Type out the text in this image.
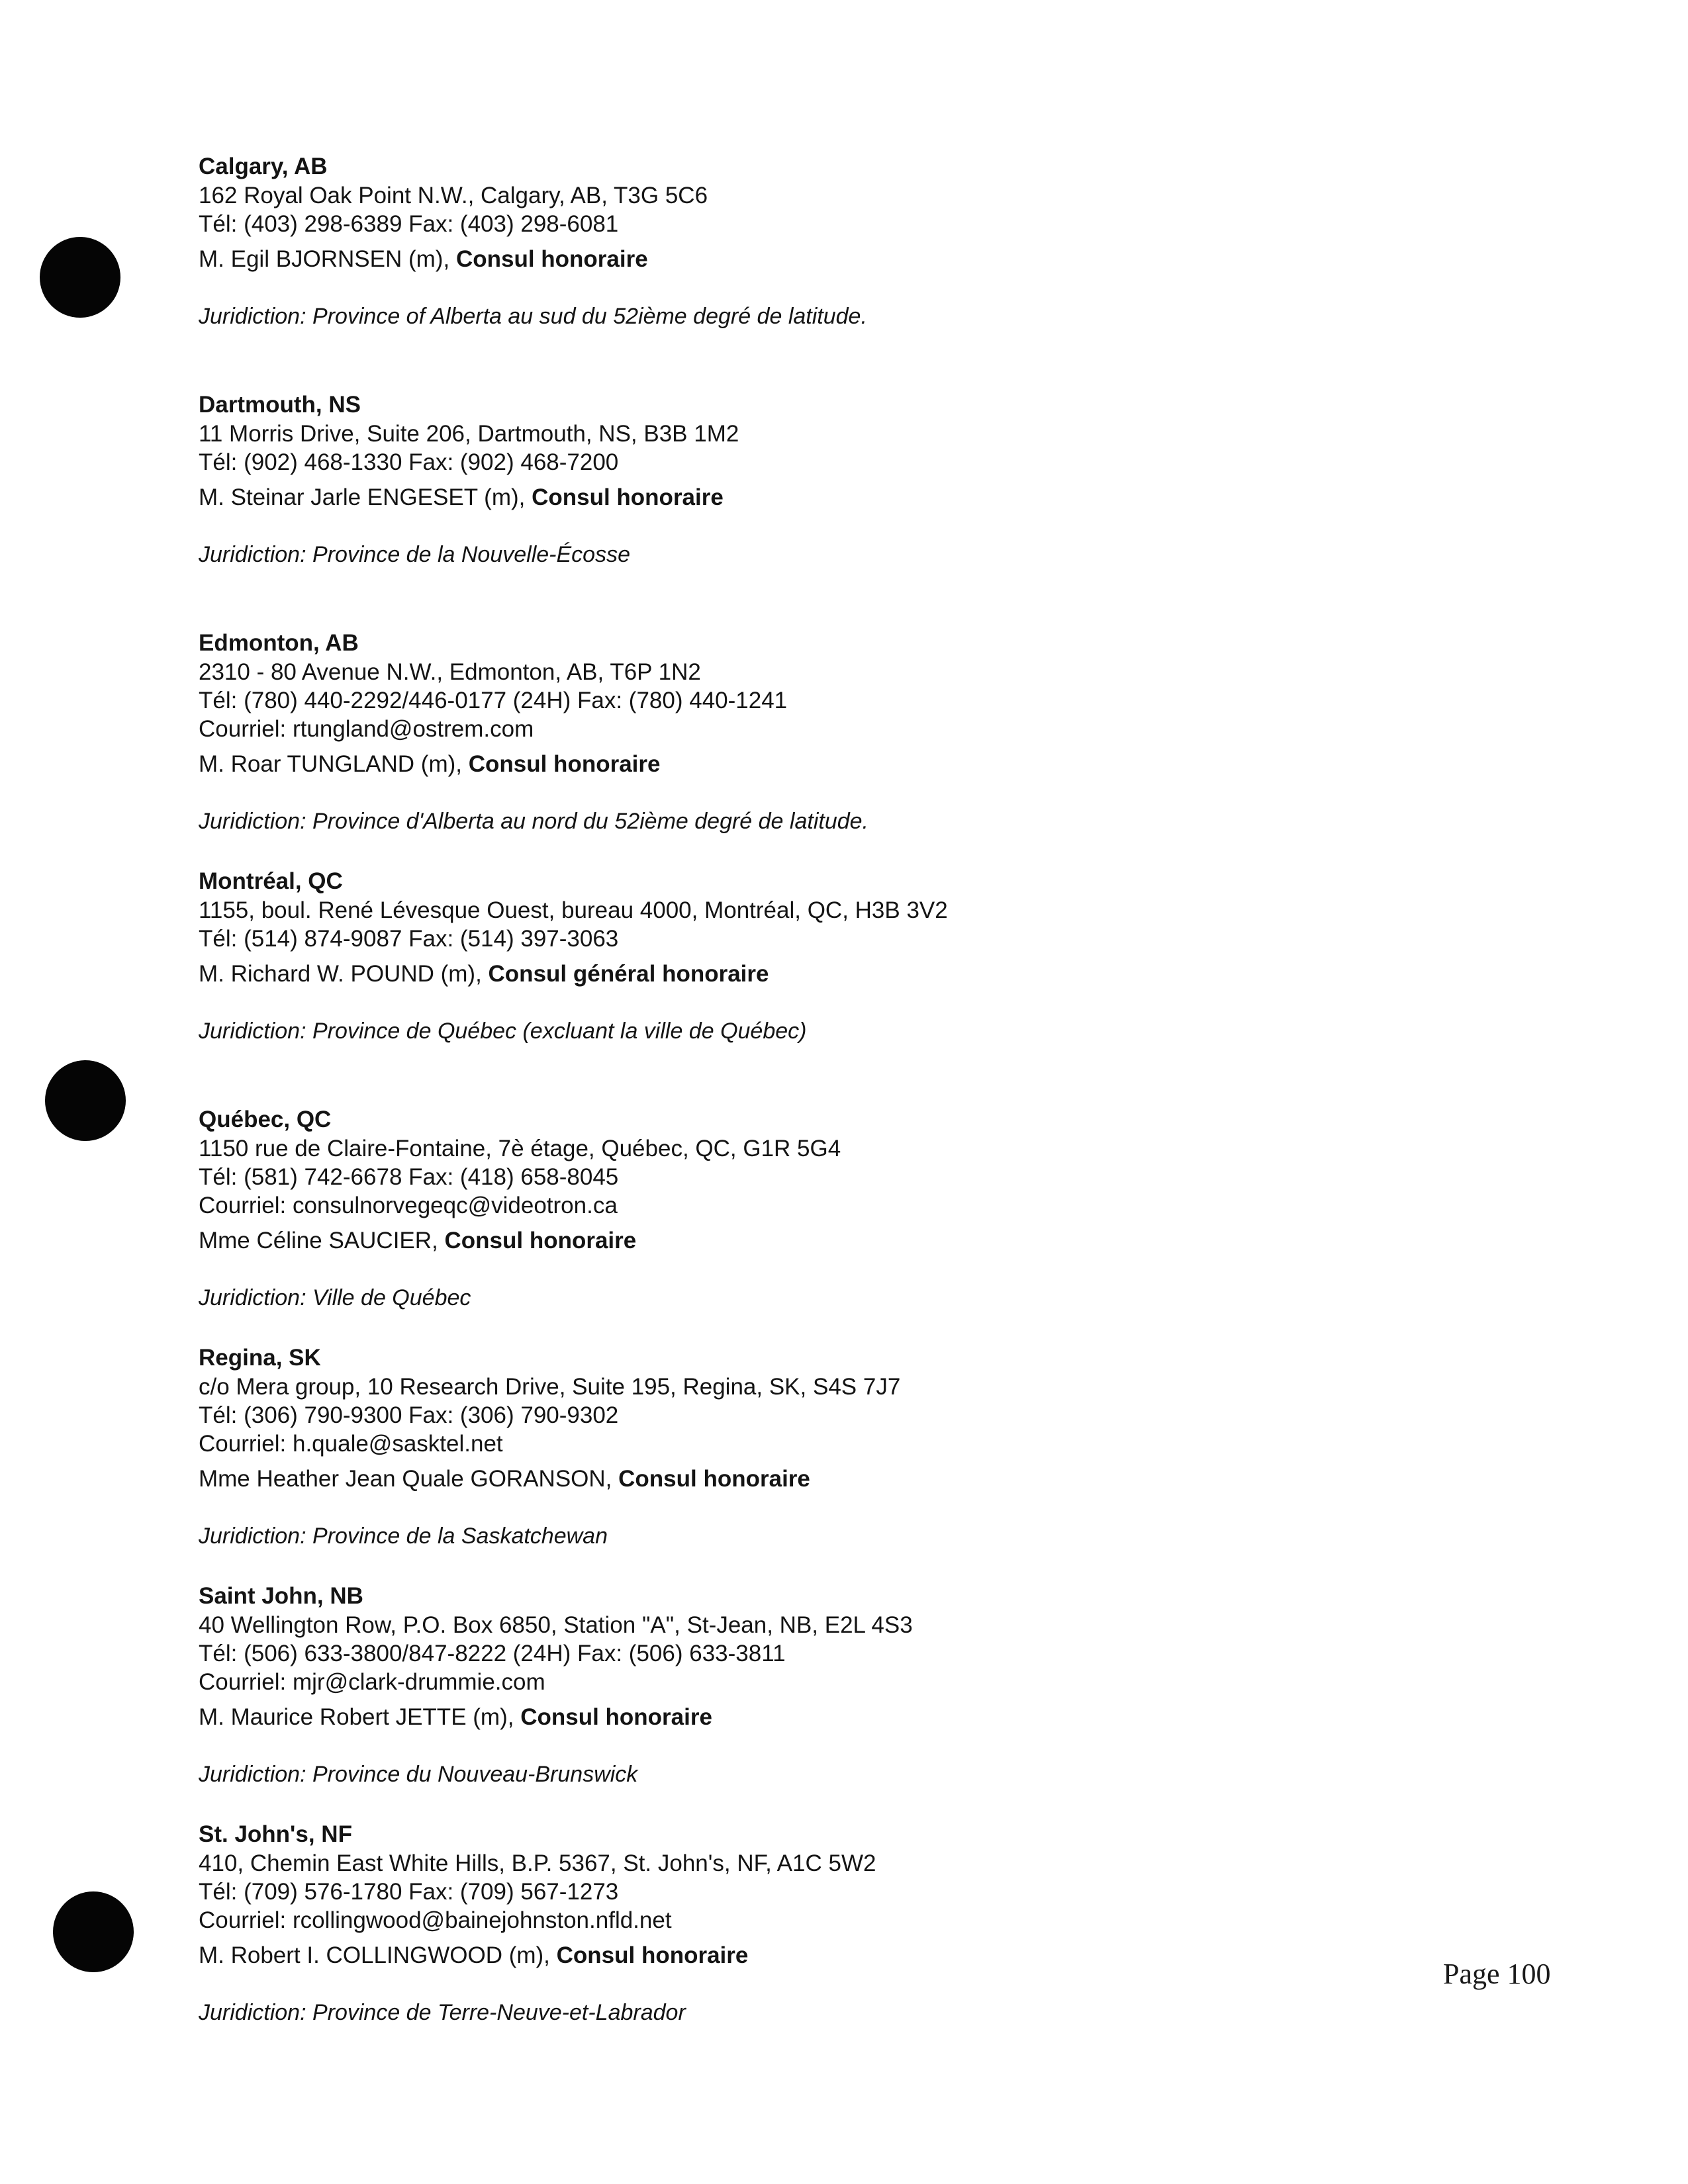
Calgary, AB
162 Royal Oak Point N.W., Calgary, AB, T3G 5C6
Tél: (403) 298-6389 Fax: (403) 298-6081
M. Egil BJORNSEN (m), Consul honoraire
Juridiction: Province of Alberta au sud du 52ième degré de latitude.
Dartmouth, NS
11 Morris Drive, Suite 206, Dartmouth, NS, B3B 1M2
Tél: (902) 468-1330 Fax: (902) 468-7200
M. Steinar Jarle ENGESET (m), Consul honoraire
Juridiction: Province de la Nouvelle-Écosse
Edmonton, AB
2310 - 80 Avenue N.W., Edmonton, AB, T6P 1N2
Tél: (780) 440-2292/446-0177 (24H) Fax: (780) 440-1241
Courriel: rtungland@ostrem.com
M. Roar TUNGLAND (m), Consul honoraire
Juridiction: Province d'Alberta au nord du 52ième degré de latitude.
Montréal, QC
1155, boul. René Lévesque Ouest, bureau 4000, Montréal, QC, H3B 3V2
Tél: (514) 874-9087 Fax: (514) 397-3063
M. Richard W. POUND (m), Consul général honoraire
Juridiction: Province de Québec (excluant la ville de Québec)
Québec, QC
1150 rue de Claire-Fontaine, 7è étage, Québec, QC, G1R 5G4
Tél: (581) 742-6678 Fax: (418) 658-8045
Courriel: consulnorvegeqc@videotron.ca
Mme Céline SAUCIER, Consul honoraire
Juridiction: Ville de Québec
Regina, SK
c/o Mera group, 10 Research Drive, Suite 195, Regina, SK, S4S 7J7
Tél: (306) 790-9300 Fax: (306) 790-9302
Courriel: h.quale@sasktel.net
Mme Heather Jean Quale GORANSON, Consul honoraire
Juridiction: Province de la Saskatchewan
Saint John, NB
40 Wellington Row, P.O. Box 6850, Station "A", St-Jean, NB, E2L 4S3
Tél: (506) 633-3800/847-8222 (24H) Fax: (506) 633-3811
Courriel: mjr@clark-drummie.com
M. Maurice Robert JETTE (m), Consul honoraire
Juridiction: Province du Nouveau-Brunswick
St. John's, NF
410, Chemin East White Hills, B.P. 5367, St. John's, NF, A1C 5W2
Tél: (709) 576-1780 Fax: (709) 567-1273
Courriel: rcollingwood@bainejohnston.nfld.net
M. Robert I. COLLINGWOOD (m), Consul honoraire
Juridiction: Province de Terre-Neuve-et-Labrador
Page 100
